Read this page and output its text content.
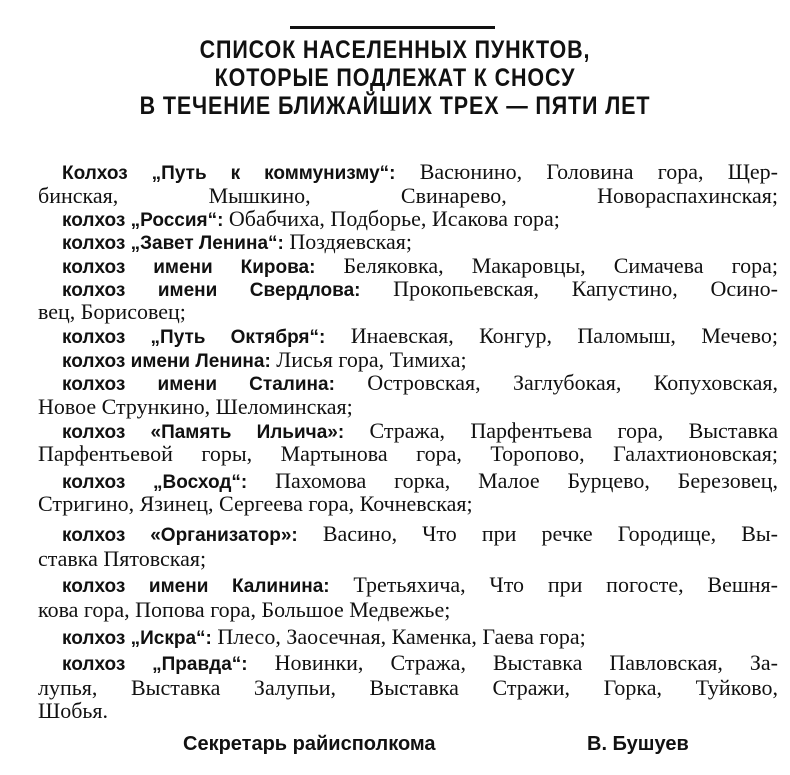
СПИСОК НАСЕЛЕННЫХ ПУНКТОВ,
КОТОРЫЕ ПОДЛЕЖАТ К СНОСУ
В ТЕЧЕНИЕ БЛИЖАЙШИХ ТРЕХ — ПЯТИ ЛЕТ
Колхоз „Путь к коммунизму“: Васюнино, Головина гора, Щер-
бинская, Мышкино, Свинарево, Новораспахинская;
колхоз „Россия“: Обабчиха, Подборье, Исакова гора;
колхоз „Завет Ленина“: Поздяевская;
колхоз имени Кирова: Беляковка, Макаровцы, Симачева гора;
колхоз имени Свердлова: Прокопьевская, Капустино, Осино-
вец, Борисовец;
колхоз „Путь Октября“: Инаевская, Конгур, Паломыш, Мечево;
колхоз имени Ленина: Лисья гора, Тимиха;
колхоз имени Сталина: Островская, Заглубокая, Копуховская,
Новое Стрункино, Шеломинская;
колхоз «Память Ильича»: Стража, Парфентьева гора, Выставка
Парфентьевой горы, Мартынова гора, Торопово, Галахтионовская;
колхоз „Восход“: Пахомова горка, Малое Бурцево, Березовец,
Стригино, Язинец, Сергеева гора, Кочневская;
колхоз «Организатор»: Васино, Что при речке Городище, Вы-
ставка Пятовская;
колхоз имени Калинина: Третьяхича, Что при погосте, Вешня-
кова гора, Попова гора, Большое Медвежье;
колхоз „Искра“: Плесо, Заосечная, Каменка, Гаева гора;
колхоз „Правда“: Новинки, Стража, Выставка Павловская, За-
лупья, Выставка Залупьи, Выставка Стражи, Горка, Туйково,
Шобья.
Секретарь райисполкома	В. Бушуев
